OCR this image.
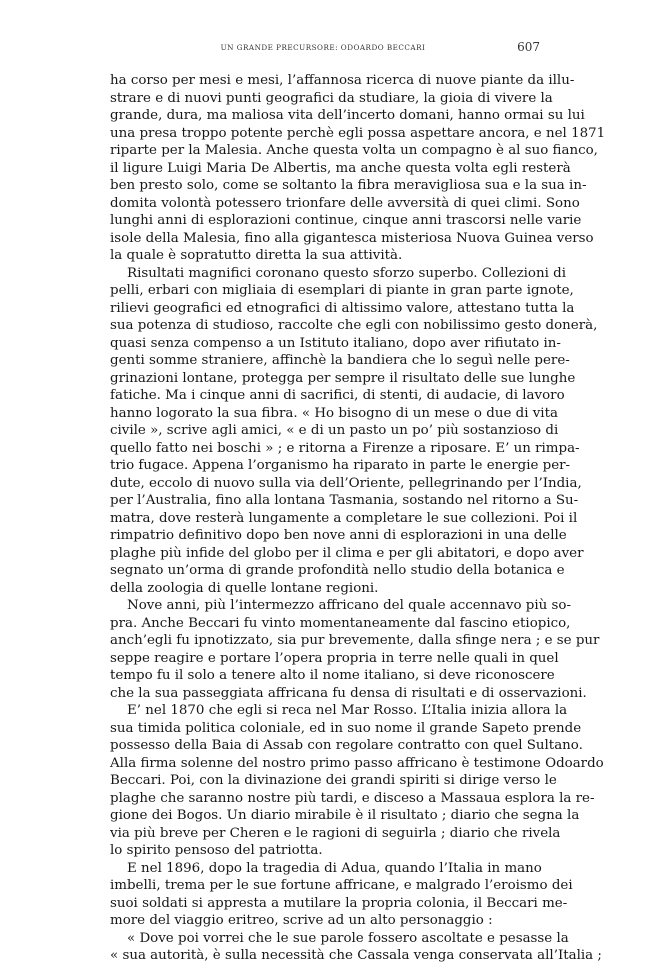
UN GRANDE PRECURSORE: ODOARDO BECCARI	607
ha corso per mesi e mesi, l’affannosa ricerca di nuove piante da illu-
strare e di nuovi punti geografici da studiare, la gioia di vivere la
grande, dura, ma maliosa vita dell’incerto domani, hanno ormai su lui
una presa troppo potente perchè egli possa aspettare ancora, e nel 1871
riparte per la Malesia. Anche questa volta un compagno è al suo fianco,
il ligure Luigi Maria De Albertis, ma anche questa volta egli resterà
ben presto solo, come se soltanto la fibra meravigliosa sua e la sua in-
domita volontà potessero trionfare delle avversità di quei climi. Sono
lunghi anni di esplorazioni continue, cinque anni trascorsi nelle varie
isole della Malesia, fino alla gigantesca misteriosa Nuova Guinea verso
la quale è sopratutto diretta la sua attività.
Risultati magnifici coronano questo sforzo superbo. Collezioni di
pelli, erbari con migliaia di esemplari di piante in gran parte ignote,
rilievi geografici ed etnografici di altissimo valore, attestano tutta la
sua potenza di studioso, raccolte che egli con nobilissimo gesto donerà,
quasi senza compenso a un Istituto italiano, dopo aver rifiutato in-
genti somme straniere, affinchè la bandiera che lo seguì nelle pere-
grinazioni lontane, protegga per sempre il risultato delle sue lunghe
fatiche. Ma i cinque anni di sacrifici, di stenti, di audacie, di lavoro
hanno logorato la sua fibra. « Ho bisogno di un mese o due di vita
civile », scrive agli amici, « e di un pasto un po’ più sostanzioso di
quello fatto nei boschi » ; e ritorna a Firenze a riposare. E’ un rimpa-
trio fugace. Appena l’organismo ha riparato in parte le energie per-
dute, eccolo di nuovo sulla via dell’Oriente, pellegrinando per l’India,
per l’Australia, fino alla lontana Tasmania, sostando nel ritorno a Su-
matra, dove resterà lungamente a completare le sue collezioni. Poi il
rimpatrio definitivo dopo ben nove anni di esplorazioni in una delle
plaghe più infide del globo per il clima e per gli abitatori, e dopo aver
segnato un’orma di grande profondità nello studio della botanica e
della zoologia di quelle lontane regioni.
Nove anni, più l’intermezzo affricano del quale accennavo più so-
pra. Anche Beccari fu vinto momentaneamente dal fascino etiopico,
anch’egli fu ipnotizzato, sia pur brevemente, dalla sfinge nera ; e se pur
seppe reagire e portare l’opera propria in terre nelle quali in quel
tempo fu il solo a tenere alto il nome italiano, si deve riconoscere
che la sua passeggiata affricana fu densa di risultati e di osservazioni.
E’ nel 1870 che egli si reca nel Mar Rosso. L’Italia inizia allora la
sua timida politica coloniale, ed in suo nome il grande Sapeto prende
possesso della Baia di Assab con regolare contratto con quel Sultano.
Alla firma solenne del nostro primo passo affricano è testimone Odoardo
Beccari. Poi, con la divinazione dei grandi spiriti si dirige verso le
plaghe che saranno nostre più tardi, e disceso a Massaua esplora la re-
gione dei Bogos. Un diario mirabile è il risultato ; diario che segna la
via più breve per Cheren e le ragioni di seguirla ; diario che rivela
lo spirito pensoso del patriotta.
E nel 1896, dopo la tragedia di Adua, quando l’Italia in mano
imbelli, trema per le sue fortune affricane, e malgrado l’eroismo dei
suoi soldati si appresta a mutilare la propria colonia, il Beccari me-
more del viaggio eritreo, scrive ad un alto personaggio :
« Dove poi vorrei che le sue parole fossero ascoltate e pesasse la
« sua autorità, è sulla necessità che Cassala venga conservata all’Italia ;
